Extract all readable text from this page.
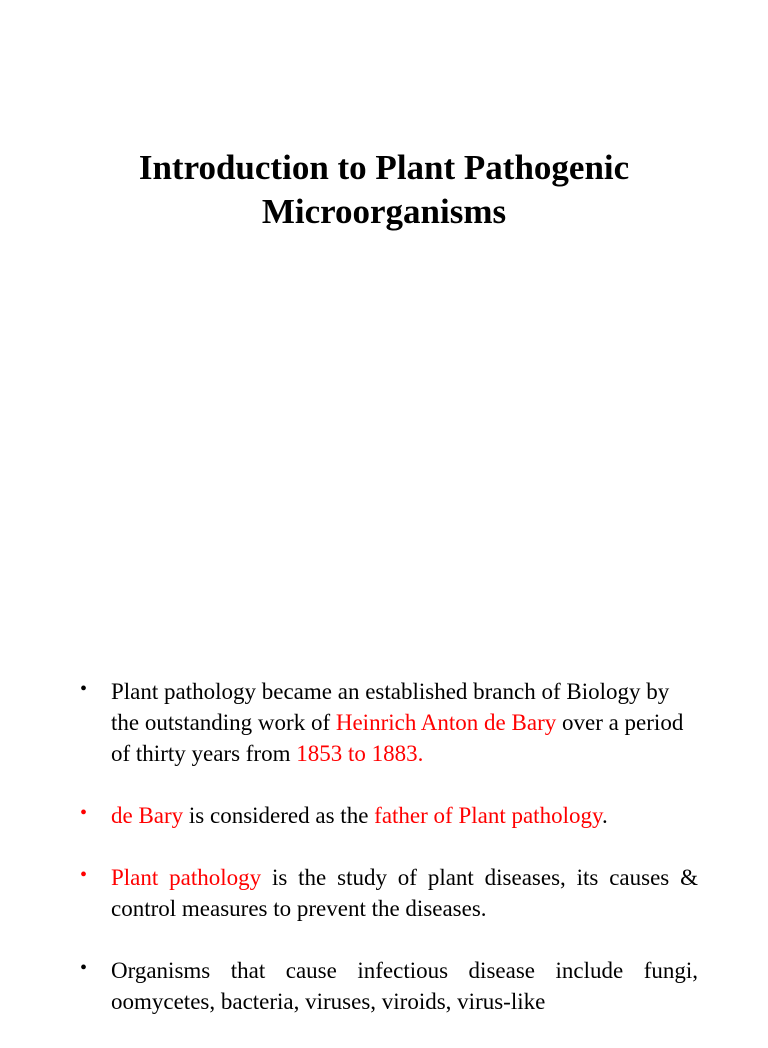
Introduction to Plant Pathogenic
Microorganisms
• Plant pathology became an established branch of Biology by the outstanding work of Heinrich Anton de Bary over a period of thirty years from 1853 to 1883.
• de Bary is considered as the father of Plant pathology.
• Plant pathology is the study of plant diseases, its causes & control measures to prevent the diseases.
• Organisms that cause infectious disease include fungi, oomycetes, bacteria, viruses, viroids, virus-like
